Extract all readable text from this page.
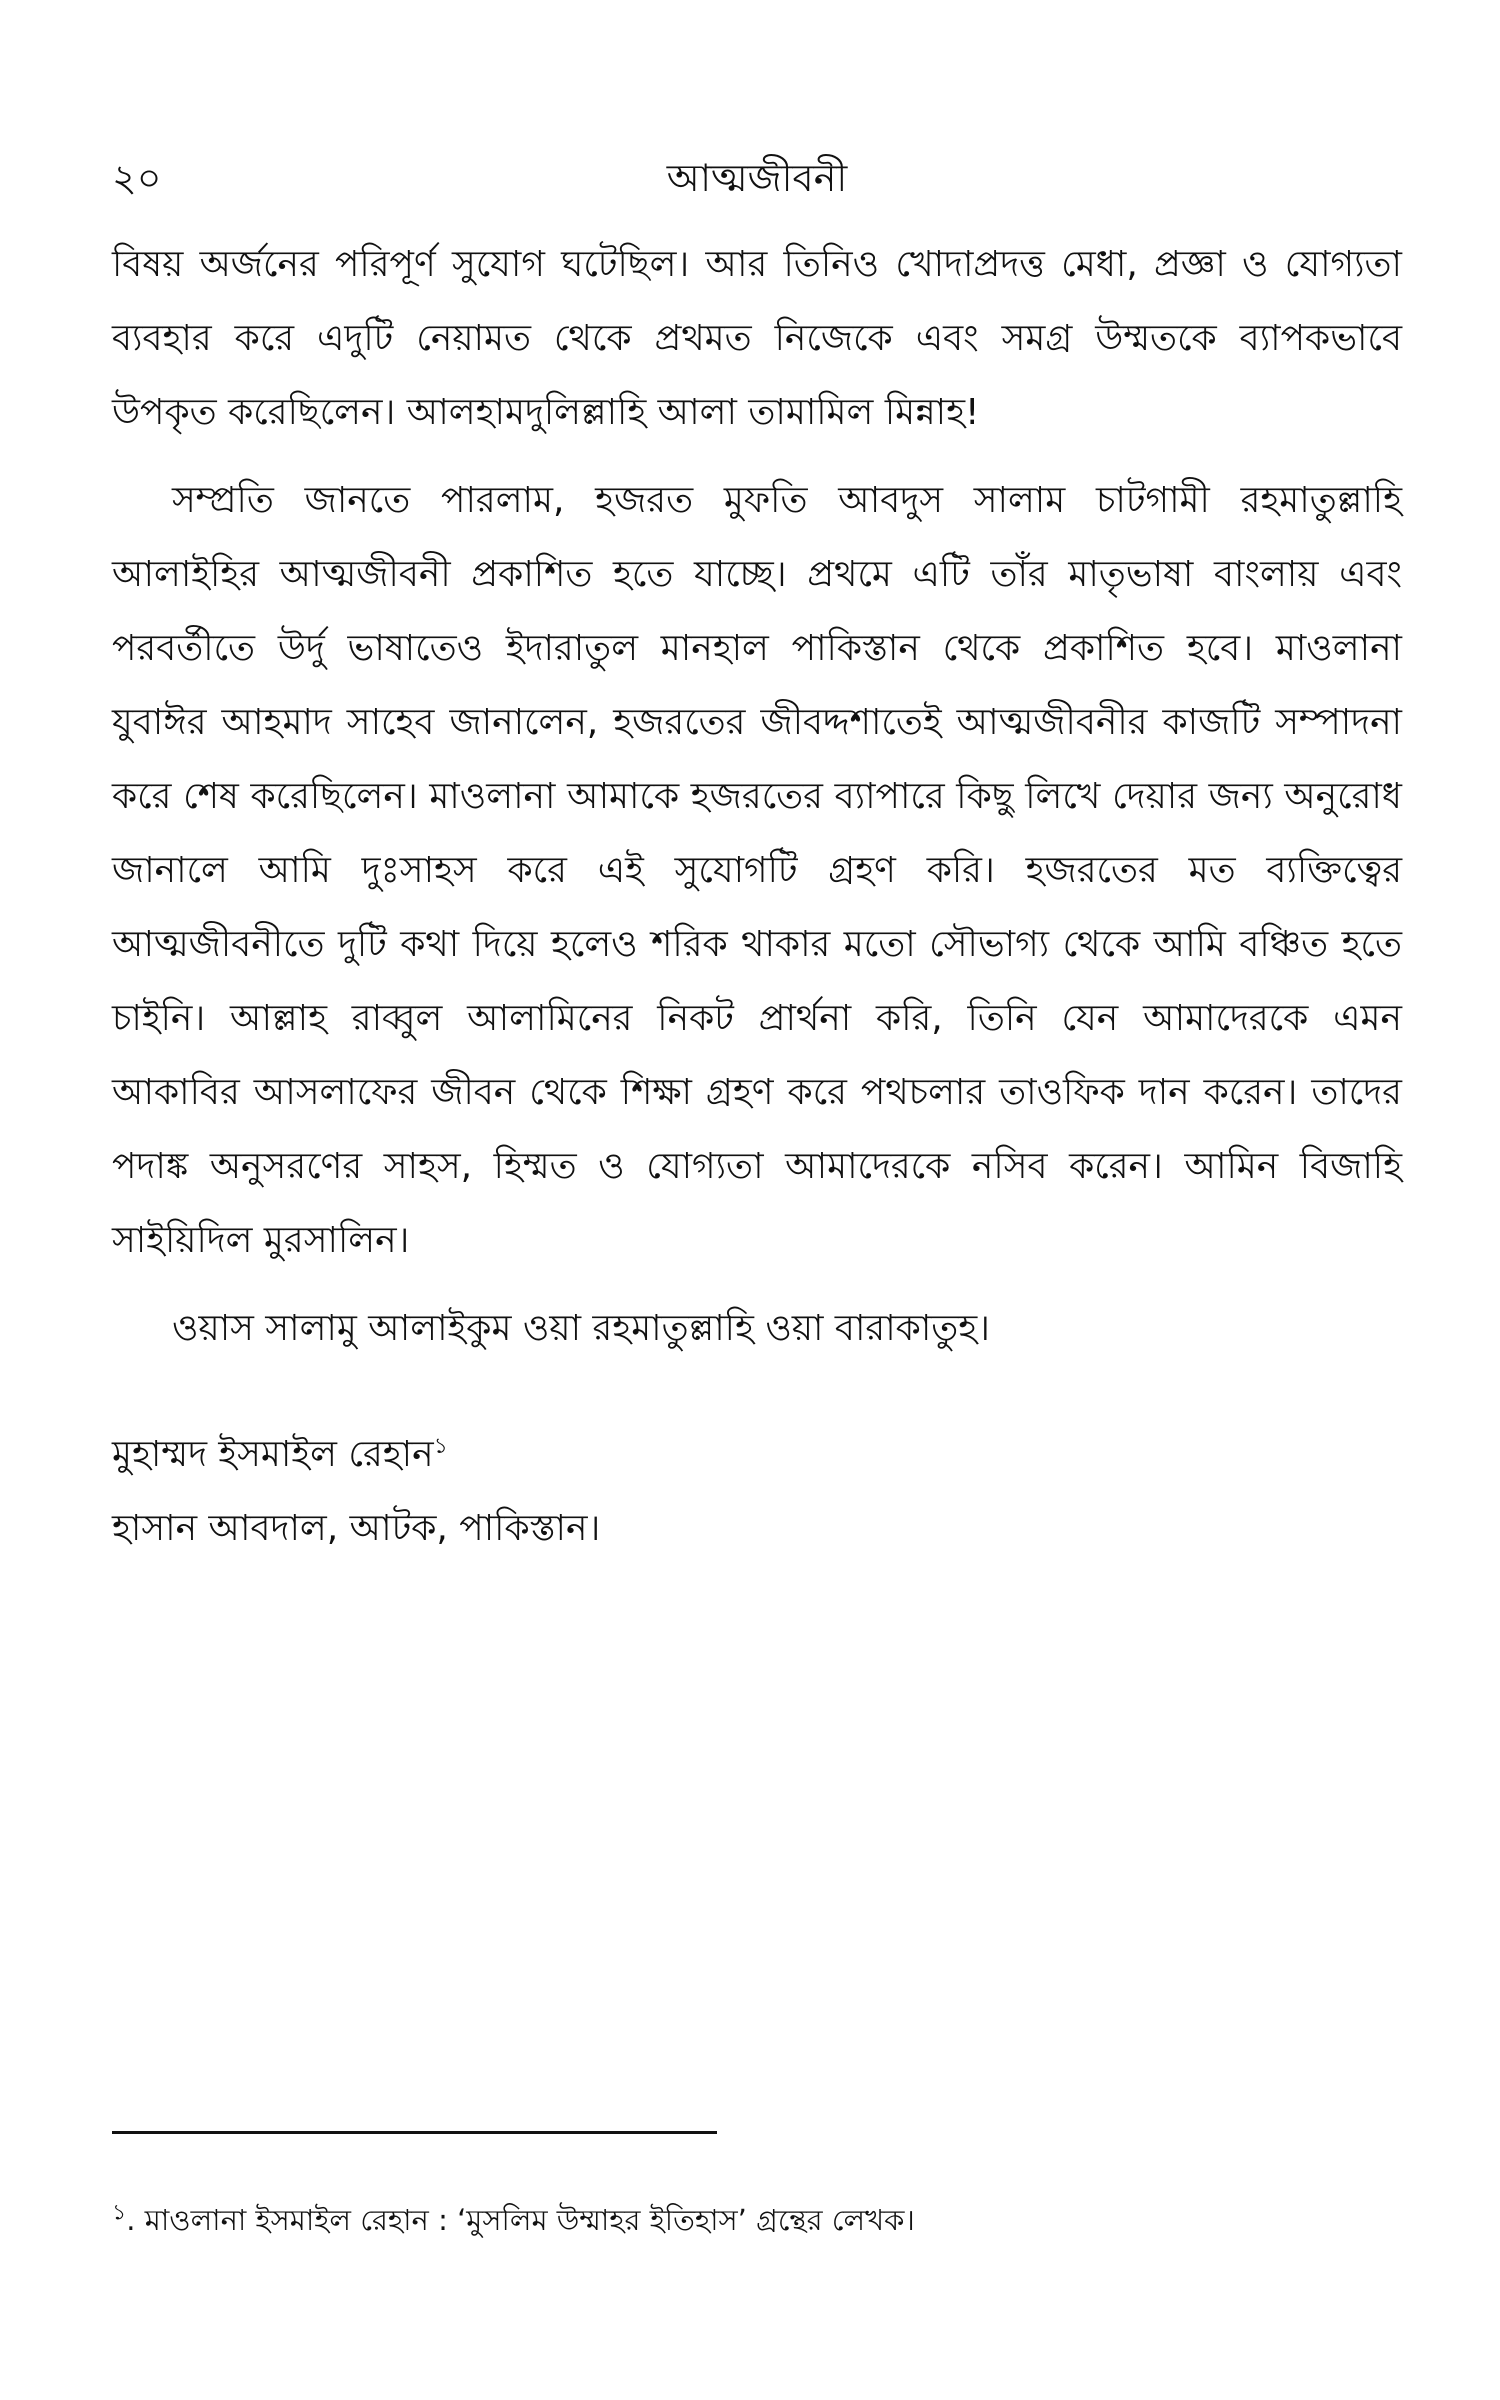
২০	আত্মজীবনী

বিষয় অর্জনের পরিপূর্ণ সুযোগ ঘটেছিল। আর তিনিও খোদাপ্রদত্ত মেধা, প্রজ্ঞা ও যোগ্যতা ব্যবহার করে এদুটি নেয়ামত থেকে প্রথমত নিজেকে এবং সমগ্র উম্মতকে ব্যাপকভাবে উপকৃত করেছিলেন। আলহামদুলিল্লাহি আলা তামামিল মিন্নাহ!

সম্প্রতি জানতে পারলাম, হজরত মুফতি আবদুস সালাম চাটগামী রহমাতুল্লাহি আলাইহির আত্মজীবনী প্রকাশিত হতে যাচ্ছে। প্রথমে এটি তাঁর মাতৃভাষা বাংলায় এবং পরবর্তীতে উর্দু ভাষাতেও ইদারাতুল মানহাল পাকিস্তান থেকে প্রকাশিত হবে। মাওলানা যুবাঈর আহমাদ সাহেব জানালেন, হজরতের জীবদ্দশাতেই আত্মজীবনীর কাজটি সম্পাদনা করে শেষ করেছিলেন। মাওলানা আমাকে হজরতের ব্যাপারে কিছু লিখে দেয়ার জন্য অনুরোধ জানালে আমি দুঃসাহস করে এই সুযোগটি গ্রহণ করি। হজরতের মত ব্যক্তিত্বের আত্মজীবনীতে দুটি কথা দিয়ে হলেও শরিক থাকার মতো সৌভাগ্য থেকে আমি বঞ্চিত হতে চাইনি। আল্লাহ রাব্বুল আলামিনের নিকট প্রার্থনা করি, তিনি যেন আমাদেরকে এমন আকাবির আসলাফের জীবন থেকে শিক্ষা গ্রহণ করে পথচলার তাওফিক দান করেন। তাদের পদাঙ্ক অনুসরণের সাহস, হিম্মত ও যোগ্যতা আমাদেরকে নসিব করেন। আমিন বিজাহি সাইয়িদিল মুরসালিন।

ওয়াস সালামু আলাইকুম ওয়া রহমাতুল্লাহি ওয়া বারাকাতুহ।

মুহাম্মদ ইসমাইল রেহান$^১$
হাসান আবদাল, আটক, পাকিস্তান।
$^১$. মাওলানা ইসমাইল রেহান : ‘মুসলিম উম্মাহর ইতিহাস’ গ্রন্থের লেখক।
